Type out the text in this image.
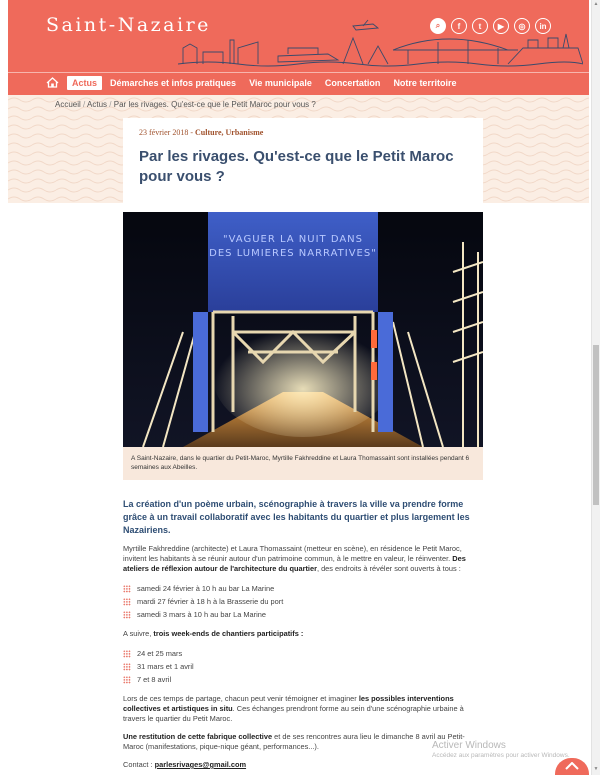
Saint-Nazaire	⌕	f	t	▶	◎	in
Actus	Démarches et infos pratiques	Vie municipale	Concertation	Notre territoire
Accueil / Actus / Par les rivages. Qu'est-ce que le Petit Maroc pour vous ?
23 février 2018 - Culture, Urbanisme
Par les rivages. Qu'est-ce que le Petit Maroc pour vous ?
"VAGUER LA NUIT DANS
DES LUMIERES NARRATIVES"
A Saint-Nazaire, dans le quartier du Petit-Maroc, Myrtille Fakhreddine et Laura Thomassaint sont installées pendant 6 semaines aux Abeilles.
La création d'un poème urbain, scénographie à travers la ville va prendre forme grâce à un travail collaboratif avec les habitants du quartier et plus largement les Nazairiens.
Myrtille Fakhreddine (architecte) et Laura Thomassaint (metteur en scène), en résidence le Petit Maroc, invitent les habitants à se réunir autour d'un patrimoine commun, à le mettre en valeur, le réinventer. Des ateliers de réflexion autour de l'architecture du quartier, des endroits à révéler sont ouverts à tous :
samedi 24 février à 10 h au bar La Marine
mardi 27 février à 18 h à la Brasserie du port
samedi 3 mars à 10 h au bar La Marine
A suivre, trois week-ends de chantiers participatifs :
24 et 25 mars
31 mars et 1 avril
7 et 8 avril
Lors de ces temps de partage, chacun peut venir témoigner et imaginer les possibles interventions collectives et artistiques in situ. Ces échanges prendront forme au sein d'une scénographie urbaine à travers le quartier du Petit Maroc.
Une restitution de cette fabrique collective et de ses rencontres aura lieu le dimanche 8 avril au Petit-Maroc (manifestations, pique-nique géant, performances...).
Contact : parlesrivages@gmail.com
Activer Windows
Accédez aux paramètres pour activer Windows.
▲
▼
